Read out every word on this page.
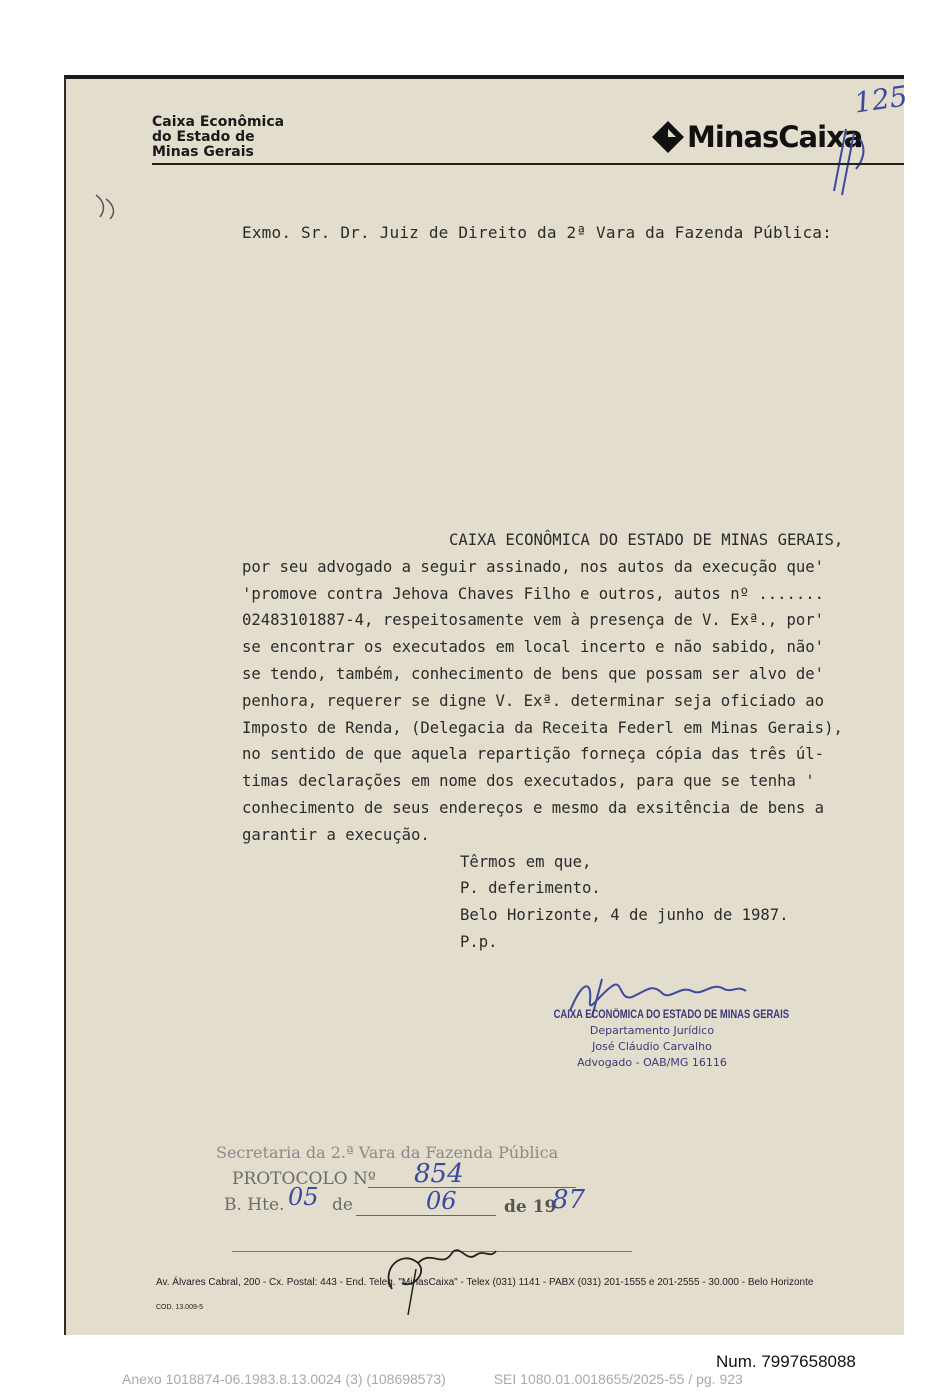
Caixa Econômica
do Estado de
Minas Gerais	MinasCaixa
125
Exmo. Sr. Dr. Juiz de Direito da 2ª Vara da Fazenda Pública:
CAIXA ECONÔMICA DO ESTADO DE MINAS GERAIS,
por seu advogado a seguir assinado, nos autos da execução que'
'promove contra Jehova Chaves Filho e outros, autos nº .......
02483101887-4, respeitosamente vem à presença de V. Exª., por'
se encontrar os executados em local incerto e não sabido, não'
se tendo, também, conhecimento de bens que possam ser alvo de'
penhora, requerer se digne V. Exª. determinar seja oficiado ao
Imposto de Renda, (Delegacia da Receita Federl em Minas Gerais),
no sentido de que aquela repartição forneça cópia das três úl-
timas declarações em nome dos executados, para que se tenha '
conhecimento de seus endereços e mesmo da exsitência de bens a
garantir a execução.
Têrmos em que,
P. deferimento.
Belo Horizonte, 4 de junho de 1987.
P.p.
CAIXA ECONÔMICA DO ESTADO DE MINAS GERAIS
Departamento Jurídico
José Cláudio Carvalho
Advogado - OAB/MG 16116
Secretaria da 2.ª Vara da Fazenda Pública
PROTOCOLO Nº 854
B. Hte. 05 de	06	de 19
87
Av. Álvares Cabral, 200 - Cx. Postal: 443 - End. Teleg. "MinasCaixa" - Telex (031) 1141 - PABX (031) 201-1555 e 201-2555 - 30.000 - Belo Horizonte
COD. 13.009-5
Num. 7997658088
Anexo 1018874-06.1983.8.13.0024 (3) (108698573)	SEI 1080.01.0018655/2025-55 / pg. 923
